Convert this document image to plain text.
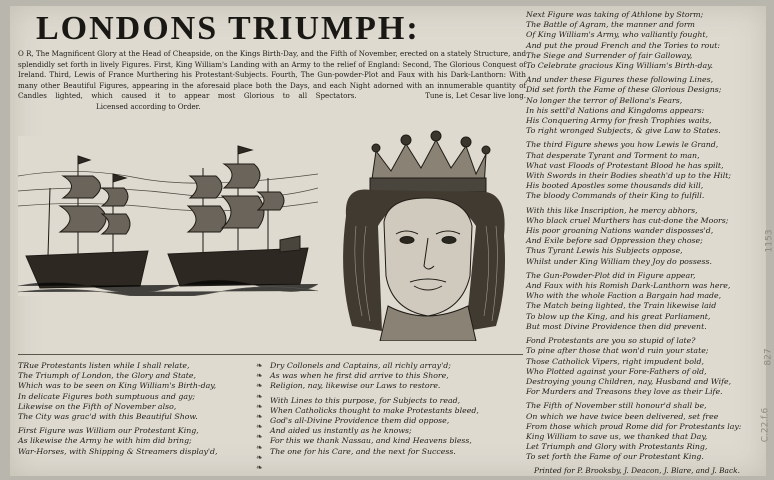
LONDONS TRIUMPH:
O R, The Magnificent Glory at the Head of Cheapside, on the Kings Birth-Day, and the Fifth of November, erected on a stately Structure, and splendidly set forth in lively Figures. First, King William's Landing with an Army to the relief of England: Second, The Glorious Conquest of Ireland. Third, Lewis of France Murthering his Protestant-Subjects. Fourth, The Gun-powder-Plot and Faux with his Dark-Lanthorn: With many other Beautiful Figures, appearing in the aforesaid place both the Days, and each Night adorned with an innumerable quantity of Candles lighted, which caused it to appear most Glorious to all Spectators.	Tune is, Let Cesar live long. Licensed according to Order.
TRue Protestants listen while I shall relate,
The Triumph of London, the Glory and State,
Which was to be seen on King William's Birth-day,
In delicate Figures both sumptuous and gay;
Likewise on the Fifth of November also,
The City was grac'd with this Beautiful Show.
First Figure was William our Protestant King,
As likewise the Army he with him did bring;
War-Horses, with Shipping & Streamers display'd,
❧
❧
❧
❧
❧
❧
❧
❧
❧
❧
❧
Dry Collonels and Captains, all richly array'd;
As was when he first did arrive to this Shore,
Religion, nay, likewise our Laws to restore.
With Lines to this purpose, for Subjects to read,
When Catholicks thought to make Protestants bleed,
God's all-Divine Providence them did oppose,
And aided us instantly as he knows;
For this we thank Nassau, and kind Heavens bless,
The one for his Care, and the next for Success.
Next Figure was taking of Athlone by Storm;
The Battle of Agram, the manner and form
Of King William's Army, who valliantly fought,
And put the proud French and the Tories to rout:
The Siege and Surrender of fair Galloway,
To Celebrate gracious King William's Birth-day.
And under these Figures these following Lines,
Did set forth the Fame of these Glorious Designs;
No longer the terror of Bellona's Fears,
In his settl'd Nations and Kingdoms appears:
His Conquering Army for fresh Trophies waits,
To right wronged Subjects, & give Law to States.
The third Figure shews you how Lewis le Grand,
That desperate Tyrant and Torment to man,
What vast Floods of Protestant Blood he has spilt,
With Swords in their Bodies sheath'd up to the Hilt;
His booted Apostles some thousands did kill,
The bloody Commands of their King to fulfill.
With this like Inscription, he mercy abhors,
Who black cruel Murthers has cut-done the Moors;
His poor groaning Nations wander disposses'd,
And Exile before sad Oppression they chose;
Thus Tyrant Lewis his Subjects oppose,
Whilst under King William they Joy do possess.
The Gun-Powder-Plot did in Figure appear,
And Faux with his Romish Dark-Lanthorn was here,
Who with the whole Faction a Bargain had made,
The Match being lighted, the Train likewise laid
To blow up the King, and his great Parliament,
But most Divine Providence then did prevent.
Fond Protestants are you so stupid of late?
To pine after those that won'd ruin your state;
Those Catholick Vipers, right impudent bold,
Who Plotted against your Fore-Fathers of old,
Destroying young Children, nay, Husband and Wife,
For Murders and Treasons they love as their Life.
The Fifth of November still honour'd shall be,
On which we have twice been delivered, set free
From those which proud Rome did for Protestants lay:
King William to save us, we thanked that Day,
Let Triumph and Glory with Protestants Ring,
To set forth the Fame of our Protestant King.
Printed for P. Brooksby, J. Deacon, J. Blare, and J. Back.
1153
827
C.22.f.6
